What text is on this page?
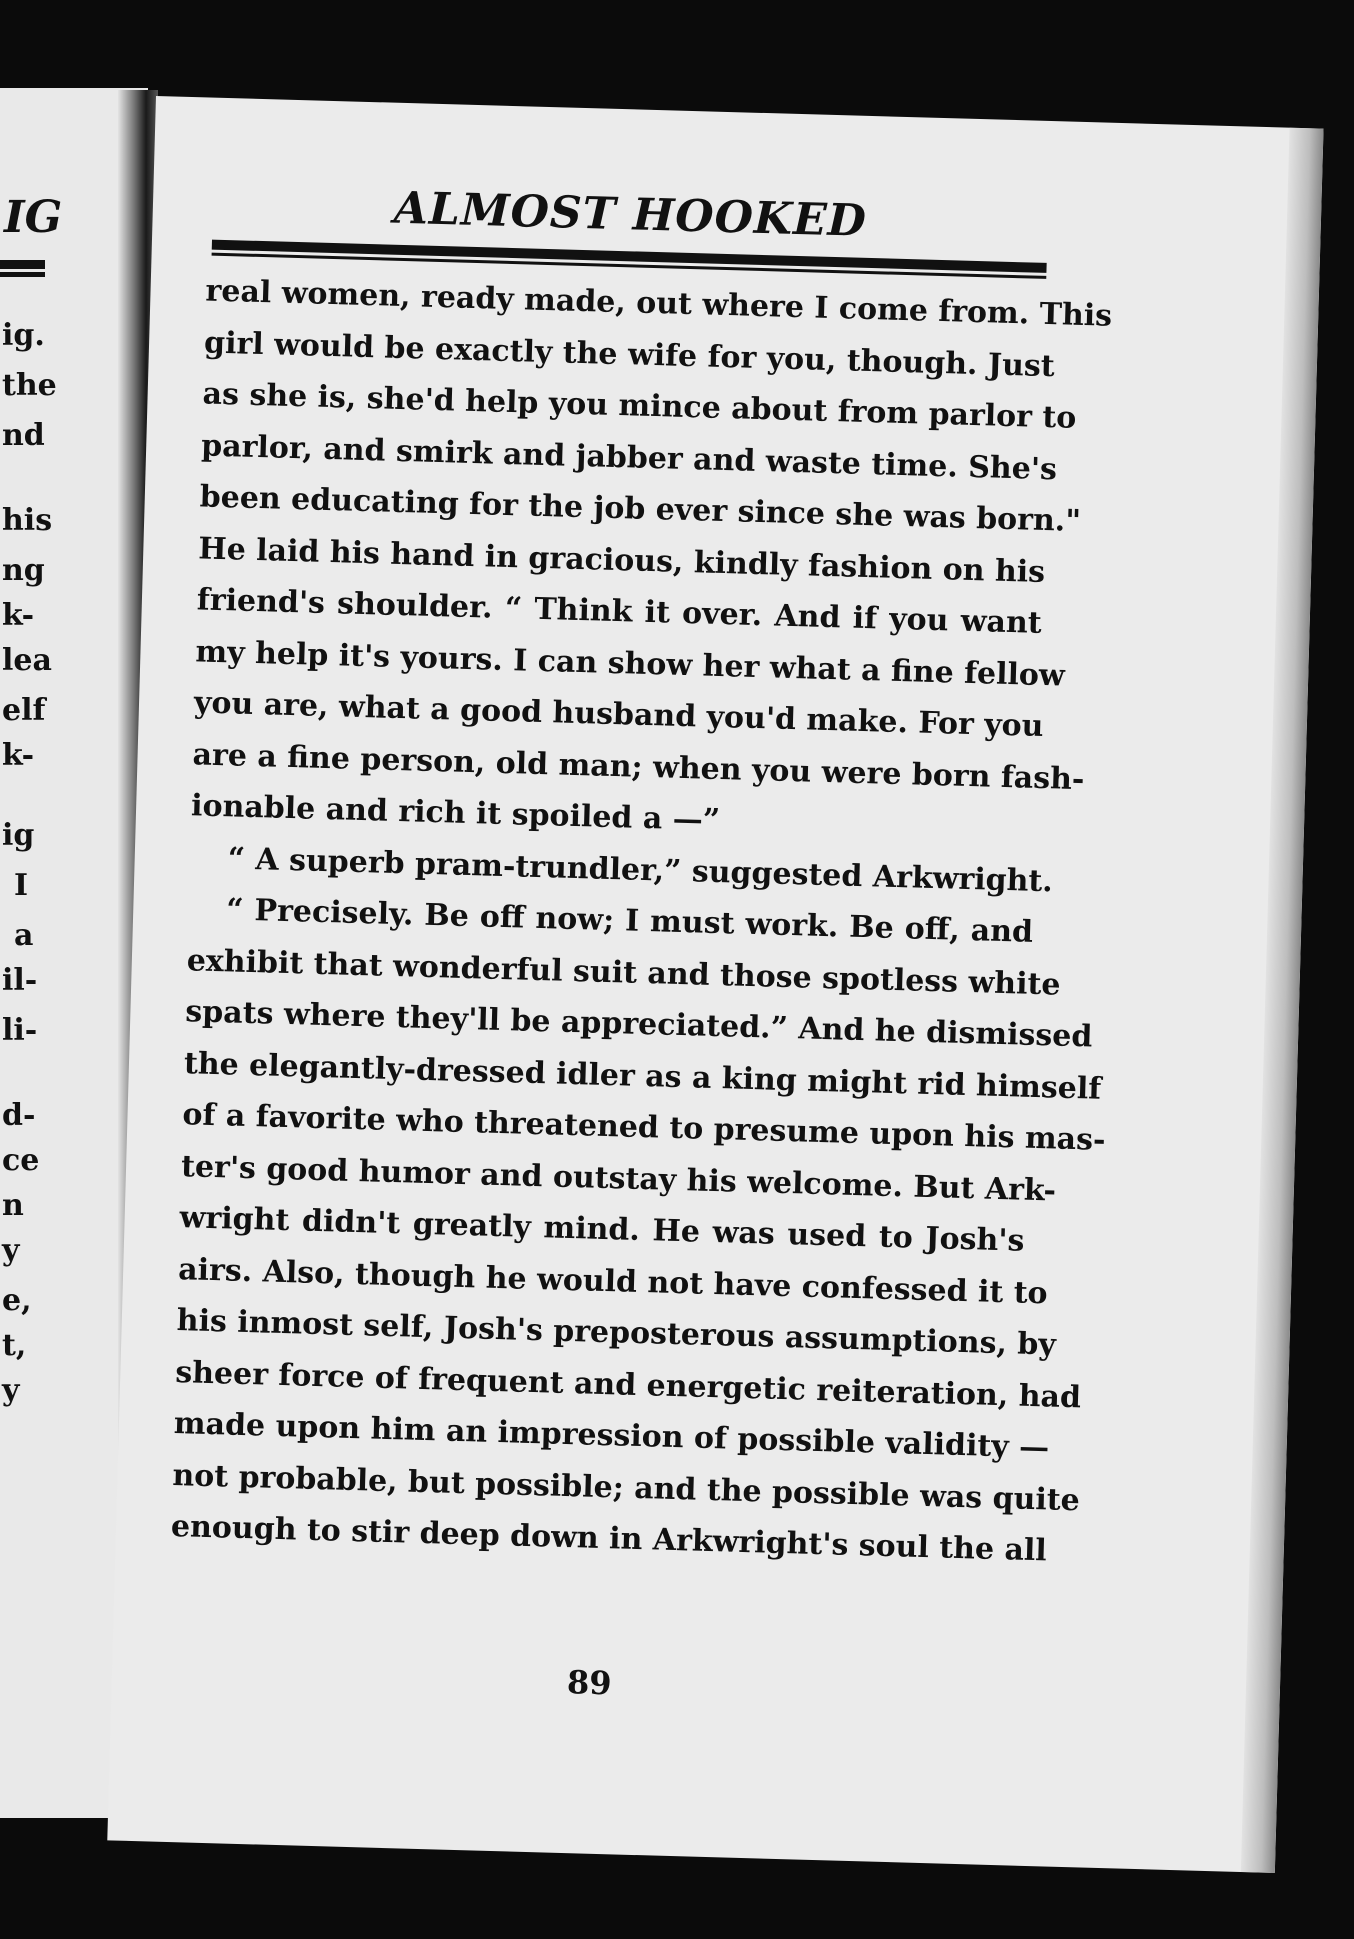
IG
ig.
the
nd
his
ng
k-
lea
elf
k-
ig
I
a
il-
li-
d-
ce
n
y
e,
t,
y
ALMOST HOOKED
real women, ready made, out where I come from. This
girl would be exactly the wife for you, though. Just
as she is, she'd help you mince about from parlor to
parlor, and smirk and jabber and waste time. She's
been educating for the job ever since she was born."
He laid his hand in gracious, kindly fashion on his
friend's shoulder. “ Think it over. And if you want
my help it's yours. I can show her what a fine fellow
you are, what a good husband you'd make. For you
are a fine person, old man; when you were born fash-
ionable and rich it spoiled a —”
“ A superb pram-trundler,” suggested Arkwright.
“ Precisely. Be off now; I must work. Be off, and
exhibit that wonderful suit and those spotless white
spats where they'll be appreciated.” And he dismissed
the elegantly-dressed idler as a king might rid himself
of a favorite who threatened to presume upon his mas-
ter's good humor and outstay his welcome. But Ark-
wright didn't greatly mind. He was used to Josh's
airs. Also, though he would not have confessed it to
his inmost self, Josh's preposterous assumptions, by
sheer force of frequent and energetic reiteration, had
made upon him an impression of possible validity —
not probable, but possible; and the possible was quite
enough to stir deep down in Arkwright's soul the all
89
